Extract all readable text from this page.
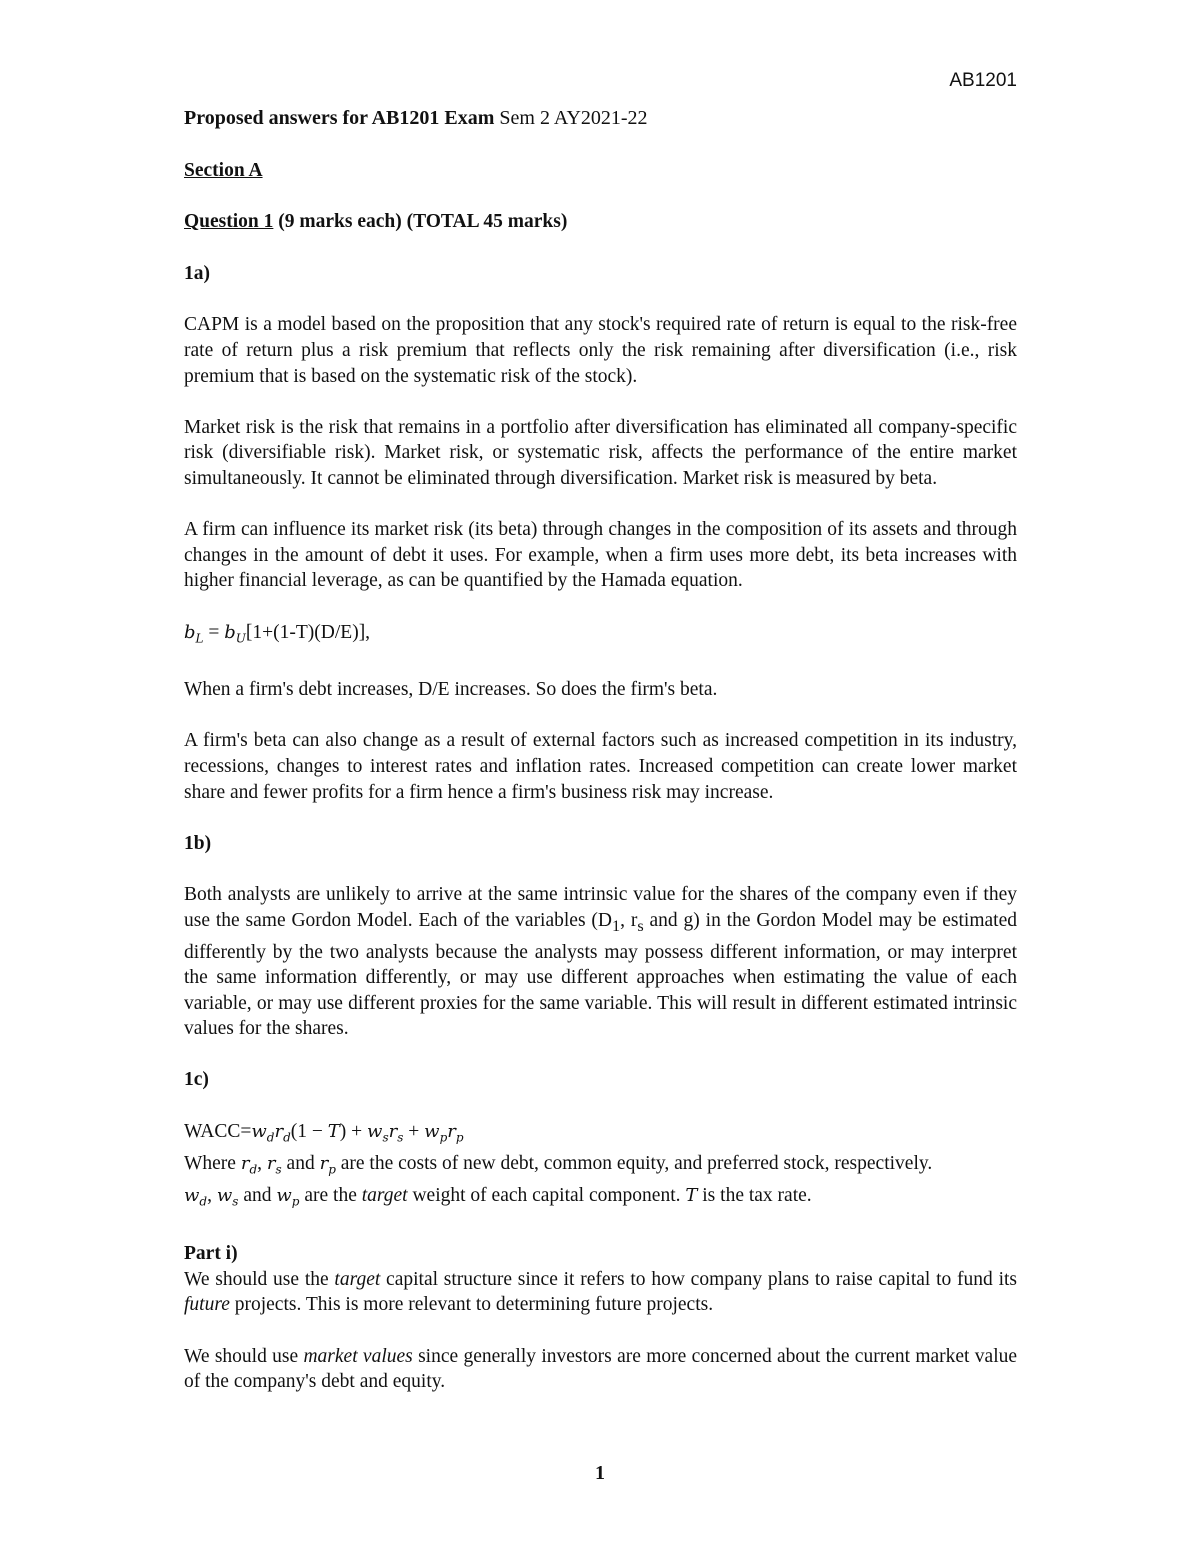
AB1201
Proposed answers for AB1201 Exam Sem 2 AY2021-22
Section A
Question 1 (9 marks each) (TOTAL 45 marks)
1a)

CAPM is a model based on the proposition that any stock's required rate of return is equal to the risk-free rate of return plus a risk premium that reflects only the risk remaining after diversification (i.e., risk premium that is based on the systematic risk of the stock).

Market risk is the risk that remains in a portfolio after diversification has eliminated all company-specific risk (diversifiable risk). Market risk, or systematic risk, affects the performance of the entire market simultaneously. It cannot be eliminated through diversification. Market risk is measured by beta.

A firm can influence its market risk (its beta) through changes in the composition of its assets and through changes in the amount of debt it uses. For example, when a firm uses more debt, its beta increases with higher financial leverage, as can be quantified by the Hamada equation.

$b_L = b_U[1+(1-T)(D/E)]$,

When a firm's debt increases, D/E increases. So does the firm's beta.

A firm's beta can also change as a result of external factors such as increased competition in its industry, recessions, changes to interest rates and inflation rates. Increased competition can create lower market share and fewer profits for a firm hence a firm's business risk may increase.

1b)

Both analysts are unlikely to arrive at the same intrinsic value for the shares of the company even if they use the same Gordon Model. Each of the variables ($D_1$, $r_s$ and g) in the Gordon Model may be estimated differently by the two analysts because the analysts may possess different information, or may interpret the same information differently, or may use different approaches when estimating the value of each variable, or may use different proxies for the same variable. This will result in different estimated intrinsic values for the shares.

1c)

$WACC=w_dr_d(1 - T) + w_sr_s + w_pr_p$

Where $r_d$, $r_s$ and $r_p$ are the costs of new debt, common equity, and preferred stock, respectively.

$w_d$, $w_s$ and $w_p$ are the target weight of each capital component. T is the tax rate.

Part i)

We should use the target capital structure since it refers to how company plans to raise capital to fund its future projects. This is more relevant to determining future projects.

We should use market values since generally investors are more concerned about the current market value of the company's debt and equity.

1
